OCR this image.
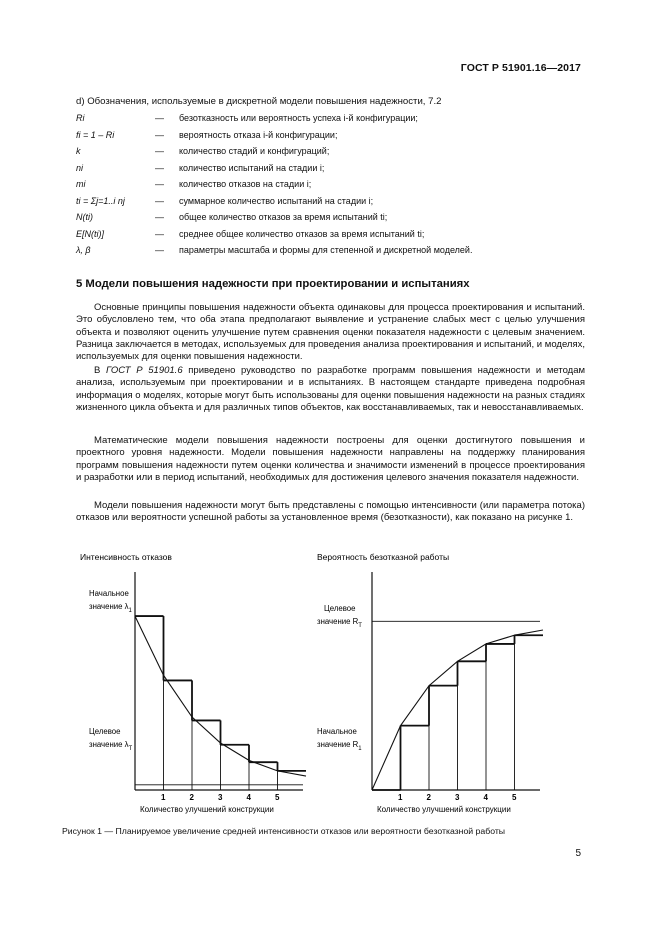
ГОСТ Р 51901.16—2017
d) Обозначения, используемые в дискретной модели повышения надежности, 7.2
Ri	— безотказность или вероятность успеха i-й конфигурации;
fi = 1 – Ri	— вероятность отказа i-й конфигурации;
k	— количество стадий и конфигураций;
ni	— количество испытаний на стадии i;
mi	— количество отказов на стадии i;
ti = Σj=1..i nj	— суммарное количество испытаний на стадии i;
N(ti)	— общее количество отказов за время испытаний ti;
E[N(ti)]	— среднее общее количество отказов за время испытаний ti;
λ, β	— параметры масштаба и формы для степенной и дискретной моделей.
5 Модели повышения надежности при проектировании и испытаниях

Основные принципы повышения надежности объекта одинаковы для процесса проектирования и испытаний. Это обусловлено тем, что оба этапа предполагают выявление и устранение слабых мест с целью улучшения объекта и позволяют оценить улучшение путем сравнения оценки показателя надежности с целевым значением. Разница заключается в методах, используемых для проведения анализа проектирования и испытаний, и моделях, используемых для оценки повышения надежности.

В ГОСТ Р 51901.6 приведено руководство по разработке программ повышения надежности и методам анализа, используемым при проектировании и в испытаниях. В настоящем стандарте приведена подробная информация о моделях, которые могут быть использованы для оценки повышения надежности на разных стадиях жизненного цикла объекта и для различных типов объектов, как восстанавливаемых, так и невосстанавливаемых.

Математические модели повышения надежности построены для оценки достигнутого повышения и проектного уровня надежности. Модели повышения надежности направлены на поддержку планирования программ повышения надежности путем оценки количества и значимости изменений в процессе проектирования и разработки или в период испытаний, необходимых для достижения целевого значения показателя надежности.

Модели повышения надежности могут быть представлены с помощью интенсивности (или параметра потока) отказов или вероятности успешной работы за установленное время (безотказности), как показано на рисунке 1.

Интенсивность отказов
Начальное
значение $\lambda_1$
Целевое
значение $\lambda_T$
Количество улучшений конструкции
1	2	3	4	5
Вероятность безотказной работы
Целевое
значение $R_T$
Начальное
значение $R_1$
Количество улучшений конструкции
1	2	3	4	5
Рисунок 1 — Планируемое увеличение средней интенсивности отказов или вероятности безотказной работы
5
